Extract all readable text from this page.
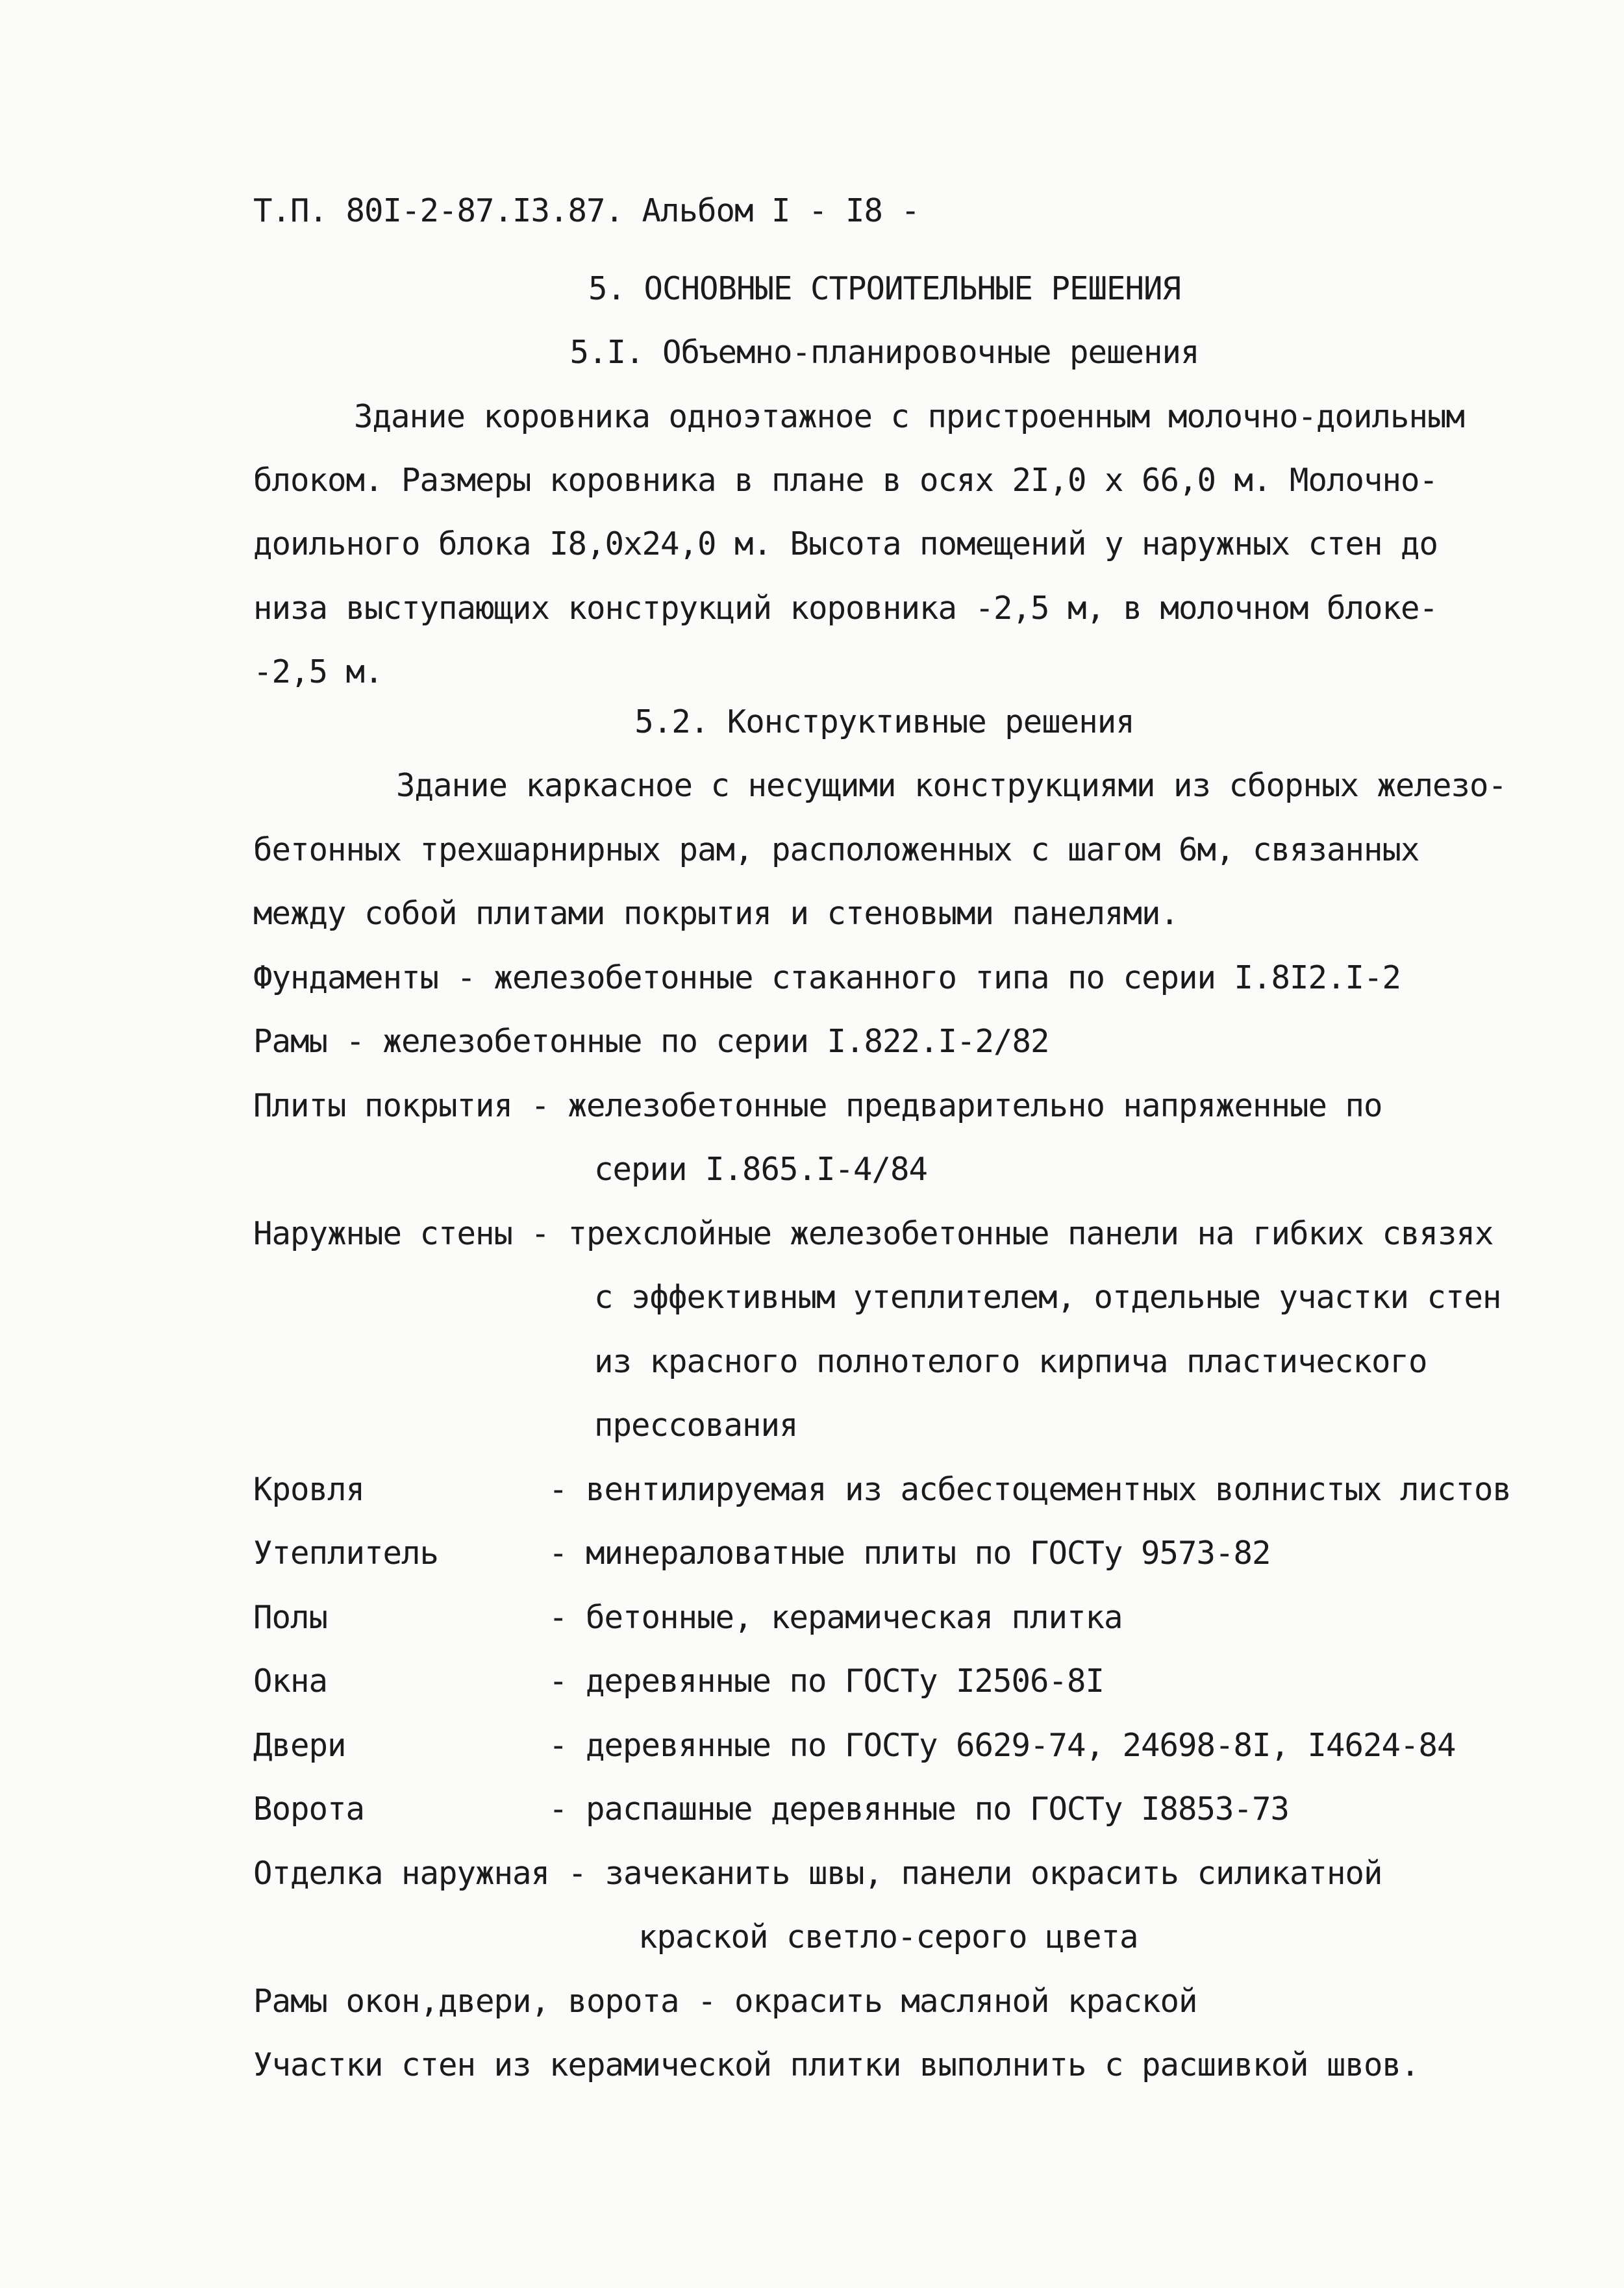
Т.П. 80I-2-87.I3.87. Альбом I - I8 -
5. ОСНОВНЫЕ СТРОИТЕЛЬНЫЕ РЕШЕНИЯ
5.I. Объемно-планировочные решения
Здание коровника одноэтажное с пристроенным молочно-доильным
блоком. Размеры коровника в плане в осях 2I,0 х 66,0 м. Молочно-
доильного блока I8,0х24,0 м. Высота помещений у наружных стен до
низа выступающих конструкций коровника -2,5 м, в молочном блоке-
-2,5 м.
5.2. Конструктивные решения
Здание каркасное с несущими конструкциями из сборных железо-
бетонных трехшарнирных рам, расположенных с шагом 6м, связанных
между собой плитами покрытия и стеновыми панелями.
Фундаменты - железобетонные стаканного типа по серии I.8I2.I-2
Рамы - железобетонные по серии I.822.I-2/82
Плиты покрытия - железобетонные предварительно напряженные по
серии I.865.I-4/84
Наружные стены - трехслойные железобетонные панели на гибких связях
с эффективным утеплителем, отдельные участки стен
из красного полнотелого кирпича пластического
прессования
Кровля	- вентилируемая из асбестоцементных волнистых листов
Утеплитель	- минераловатные плиты по ГОСТу 9573-82
Полы	- бетонные, керамическая плитка
Окна	- деревянные по ГОСТу I2506-8I
Двери	- деревянные по ГОСТу 6629-74, 24698-8I, I4624-84
Ворота	- распашные деревянные по ГОСТу I8853-73
Отделка наружная - зачеканить швы, панели окрасить силикатной
краской светло-серого цвета
Рамы окон,двери, ворота - окрасить масляной краской
Участки стен из керамической плитки выполнить с расшивкой швов.
